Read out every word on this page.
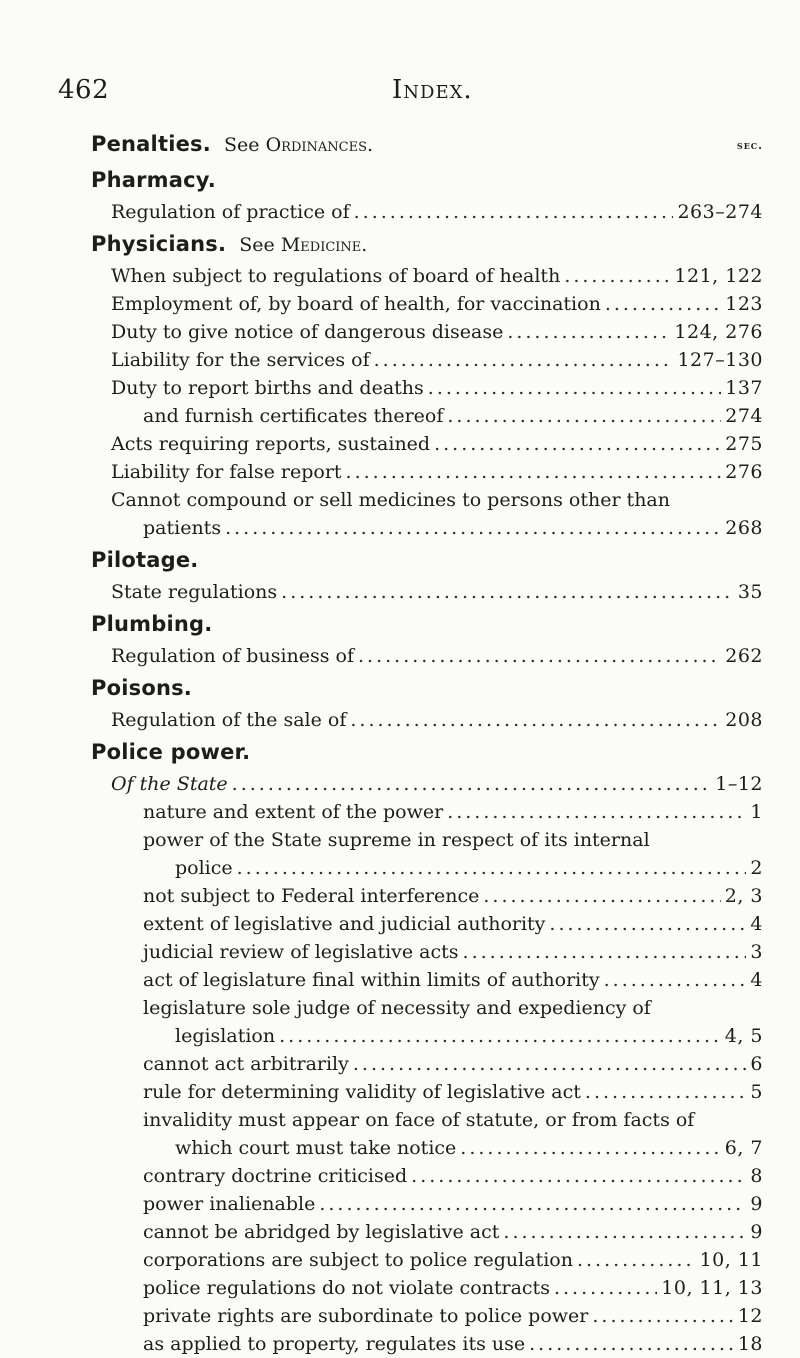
462	Index.
Penalties. See Ordinances.	sec.
Pharmacy.
Regulation of practice of .....	263–274
Physicians. See Medicine.
When subject to regulations of board of health .....	121, 122
Employment of, by board of health, for vaccination .....	123
Duty to give notice of dangerous disease .....	124, 276
Liability for the services of .....	127–130
Duty to report births and deaths .....	137
and furnish certificates thereof .....	274
Acts requiring reports, sustained .....	275
Liability for false report .....	276
Cannot compound or sell medicines to persons other than
patients .....	268
Pilotage.
State regulations .....	35
Plumbing.
Regulation of business of .....	262
Poisons.
Regulation of the sale of .....	208
Police power.
Of the State .....	1–12
nature and extent of the power .....	1
power of the State supreme in respect of its internal
police .....	2
not subject to Federal interference .....	2, 3
extent of legislative and judicial authority .....	4
judicial review of legislative acts .....	3
act of legislature final within limits of authority .....	4
legislature sole judge of necessity and expediency of
legislation .....	4, 5
cannot act arbitrarily .....	6
rule for determining validity of legislative act .....	5
invalidity must appear on face of statute, or from facts of
which court must take notice .....	6, 7
contrary doctrine criticised .....	8
power inalienable .....	9
cannot be abridged by legislative act .....	9
corporations are subject to police regulation .....	10, 11
police regulations do not violate contracts .....	10, 11, 13
private rights are subordinate to police power .....	12
as applied to property, regulates its use .....	18
